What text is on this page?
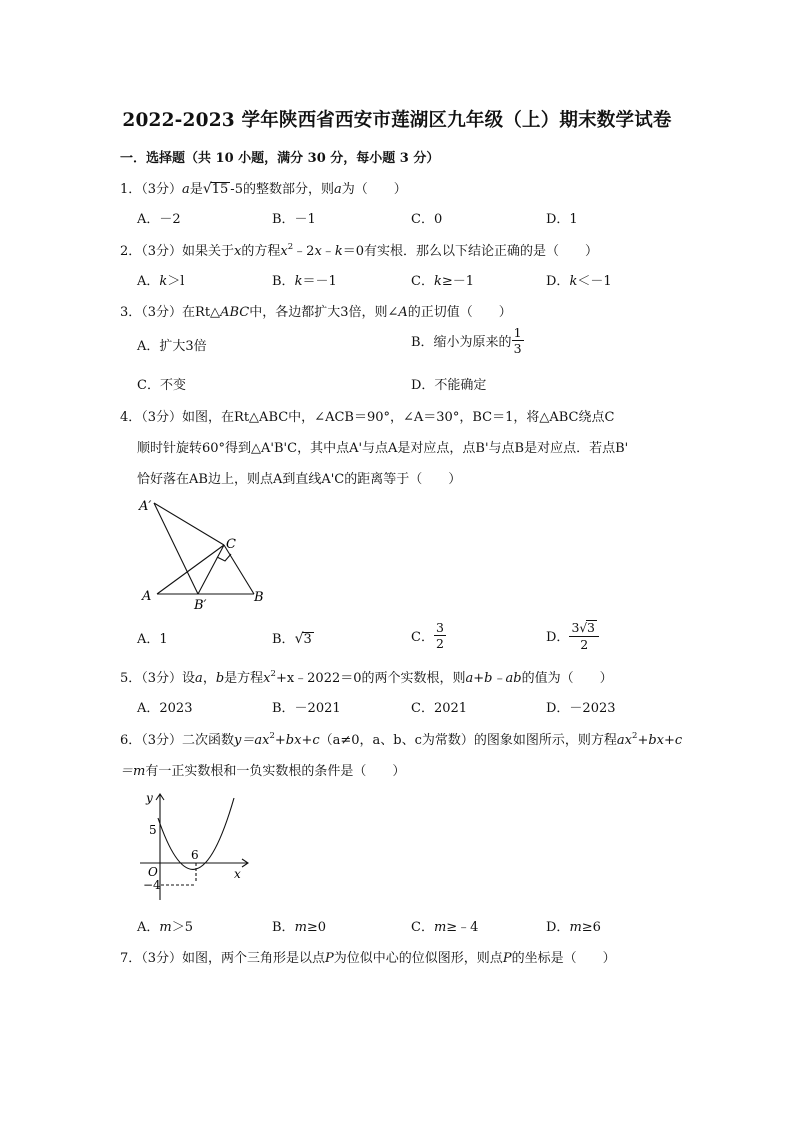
2022-2023 学年陕西省西安市莲湖区九年级（上）期末数学试卷
一．选择题（共 10 小题，满分 30 分，每小题 3 分）
1．（3分）a是√15 -5的整数部分，则a为（　　）
A．－2	B．－1	C．0	D．1
2．（3分）如果关于x的方程$x^2﹣2x﹣k=0$有实根．那么以下结论正确的是（　　）
A．k＞l	B．k＝－1	C．k≥－1	D．k＜－1
3．（3分）在Rt△ABC中，各边都扩大3倍，则∠A的正切值（　　）
A．扩大3倍	B．缩小为原来的 $\frac{1}{3}$
C．不变	D．不能确定
4．（3分）如图，在Rt△ABC中，∠ACB＝90°，∠A＝30°，BC＝1，将△ABC绕点C
顺时针旋转60°得到△A'B'C，其中点A'与点A是对应点，点B'与点B是对应点．若点B'
恰好落在AB边上，则点A到直线A'C的距离等于（　　）
A′
C
A
B′
B
A．1	B．√3	C． $\frac{3}{2}$	D． $\frac{3√3}{2}$
5．（3分）设a，b是方程$x^2+x﹣2022=0$的两个实数根，则a+b﹣ab的值为（　　）
A．2023	B．－2021	C．2021	D．－2023
6．（3分）二次函数$y=ax^2+bx+c(a\ne 0$，a、b、c为常数）的图象如图所示，则方程$ax^2+bx+c$
＝m有一正实数根和一负实数根的条件是（　　）
y
5
6
O
−4
x
A．m＞5	B．m≥0	C．m≥﹣4	D．m≥6
7．（3分）如图，两个三角形是以点P为位似中心的位似图形，则点P的坐标是（　　）
